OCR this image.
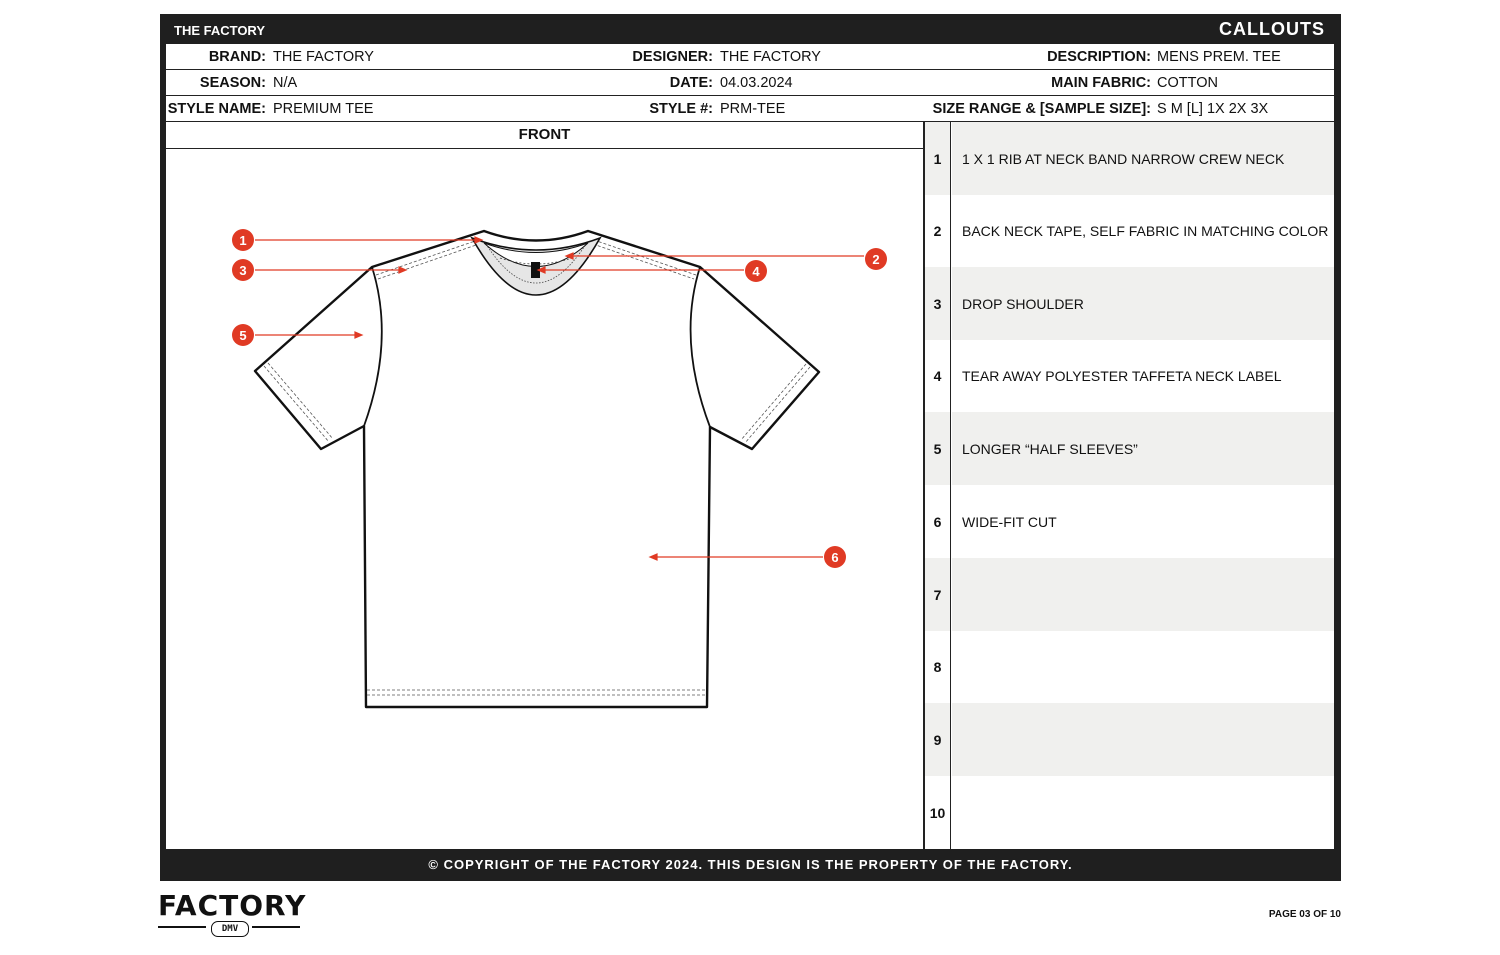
THE FACTORY	CALLOUTS
BRAND: THE FACTORY	DESIGNER: THE FACTORY	DESCRIPTION: MENS PREM. TEE
SEASON: N/A	DATE: 04.03.2024	MAIN FABRIC: COTTON
STYLE NAME: PREMIUM TEE	STYLE #: PRM-TEE	SIZE RANGE & [SAMPLE SIZE]: S M [L] 1X 2X 3X
FRONT
1
2
3	4
5
6
1	1 X 1 RIB AT NECK BAND NARROW CREW NECK
2	BACK NECK TAPE, SELF FABRIC IN MATCHING COLOR
3	DROP SHOULDER
4	TEAR AWAY POLYESTER TAFFETA NECK LABEL
5	LONGER “HALF SLEEVES”
6	WIDE-FIT CUT
7
8
9
10
© COPYRIGHT OF THE FACTORY 2024. THIS DESIGN IS THE PROPERTY OF THE FACTORY.
FACTORY
DMV
PAGE 03 OF 10
